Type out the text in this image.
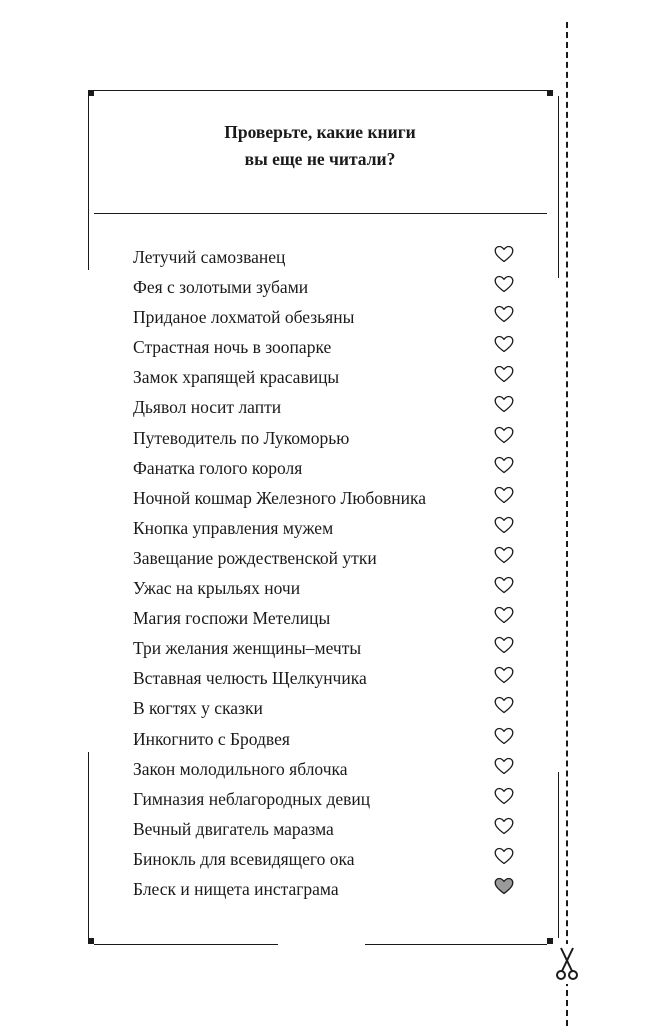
Проверьте, какие книги
вы еще не читали?
Летучий самозванец
Фея с золотыми зубами
Приданое лохматой обезьяны
Страстная ночь в зоопарке
Замок храпящей красавицы
Дьявол носит лапти
Путеводитель по Лукоморью
Фанатка голого короля
Ночной кошмар Железного Любовника
Кнопка управления мужем
Завещание рождественской утки
Ужас на крыльях ночи
Магия госпожи Метелицы
Три желания женщины–мечты
Вставная челюсть Щелкунчика
В когтях у сказки
Инкогнито с Бродвея
Закон молодильного яблочка
Гимназия неблагородных девиц
Вечный двигатель маразма
Бинокль для всевидящего ока
Блеск и нищета инстаграма
